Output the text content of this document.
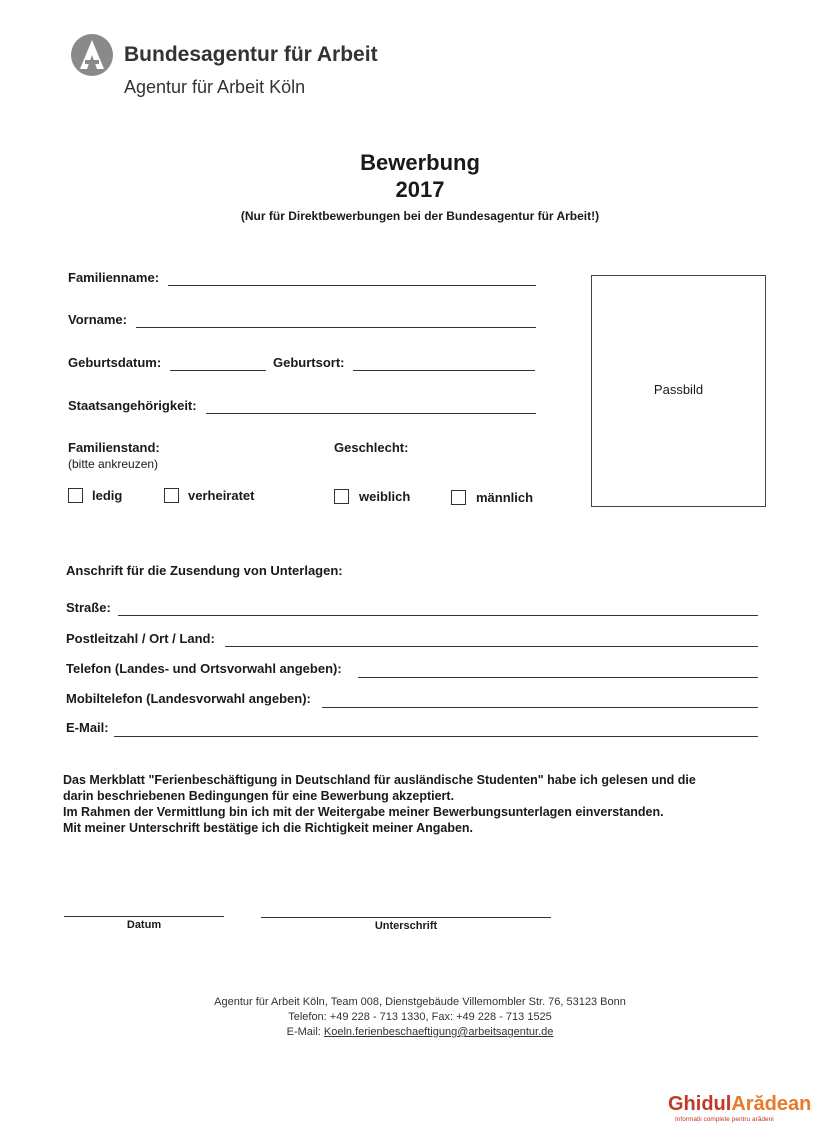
Bundesagentur für Arbeit
Agentur für Arbeit Köln
Bewerbung
2017
(Nur für Direktbewerbungen bei der Bundesagentur für Arbeit!)
Familienname:
Vorname:
Geburtsdatum:	Geburtsort:
Staatsangehörigkeit:
Passbild
Familienstand:
(bitte ankreuzen)
Geschlecht:
ledig	verheiratet	weiblich	männlich
Anschrift für die Zusendung von Unterlagen:
Straße:
Postleitzahl / Ort / Land:
Telefon (Landes- und Ortsvorwahl angeben):
Mobiltelefon (Landesvorwahl angeben):
E-Mail:
Das Merkblatt "Ferienbeschäftigung in Deutschland für ausländische Studenten" habe ich gelesen und die
darin beschriebenen Bedingungen für eine Bewerbung akzeptiert.
Im Rahmen der Vermittlung bin ich mit der Weitergabe meiner Bewerbungsunterlagen einverstanden.
Mit meiner Unterschrift bestätige ich die Richtigkeit meiner Angaben.
Datum	Unterschrift
Agentur für Arbeit Köln, Team 008, Dienstgebäude Villemombler Str. 76, 53123 Bonn
Telefon: +49 228 - 713 1330, Fax: +49 228 - 713 1525
E-Mail: Koeln.ferienbeschaeftigung@arbeitsagentur.de
GhidulArădean
Informații complete pentru arădeni
